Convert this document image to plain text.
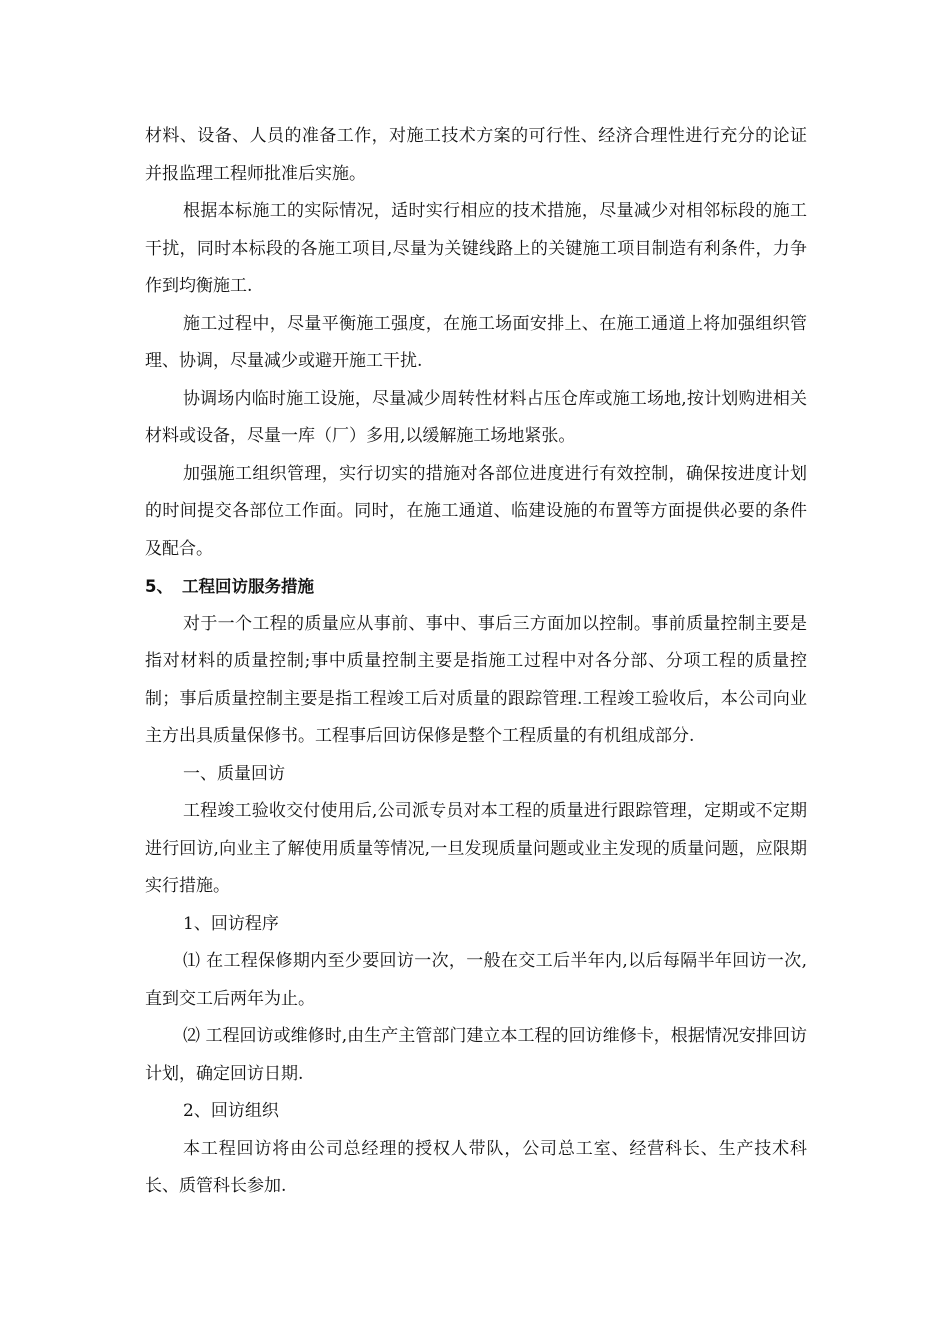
材料、设备、人员的准备工作，对施工技术方案的可行性、经济合理性进行充分的论证并报监理工程师批准后实施。

根据本标施工的实际情况，适时实行相应的技术措施，尽量减少对相邻标段的施工干扰，同时本标段的各施工项目,尽量为关键线路上的关键施工项目制造有利条件，力争作到均衡施工.

施工过程中，尽量平衡施工强度，在施工场面安排上、在施工通道上将加强组织管理、协调，尽量减少或避开施工干扰.

协调场内临时施工设施，尽量减少周转性材料占压仓库或施工场地,按计划购进相关材料或设备，尽量一库（厂）多用,以缓解施工场地紧张。

加强施工组织管理，实行切实的措施对各部位进度进行有效控制，确保按进度计划的时间提交各部位工作面。同时，在施工通道、临建设施的布置等方面提供必要的条件及配合。

5、 工程回访服务措施

对于一个工程的质量应从事前、事中、事后三方面加以控制。事前质量控制主要是指对材料的质量控制;事中质量控制主要是指施工过程中对各分部、分项工程的质量控制；事后质量控制主要是指工程竣工后对质量的跟踪管理.工程竣工验收后，本公司向业主方出具质量保修书。工程事后回访保修是整个工程质量的有机组成部分.

一、质量回访

工程竣工验收交付使用后,公司派专员对本工程的质量进行跟踪管理，定期或不定期进行回访,向业主了解使用质量等情况,一旦发现质量问题或业主发现的质量问题，应限期实行措施。

1、回访程序

⑴ 在工程保修期内至少要回访一次，一般在交工后半年内,以后每隔半年回访一次,直到交工后两年为止。

⑵ 工程回访或维修时,由生产主管部门建立本工程的回访维修卡，根据情况安排回访计划，确定回访日期.

2、回访组织

本工程回访将由公司总经理的授权人带队，公司总工室、经营科长、生产技术科长、质管科长参加.
